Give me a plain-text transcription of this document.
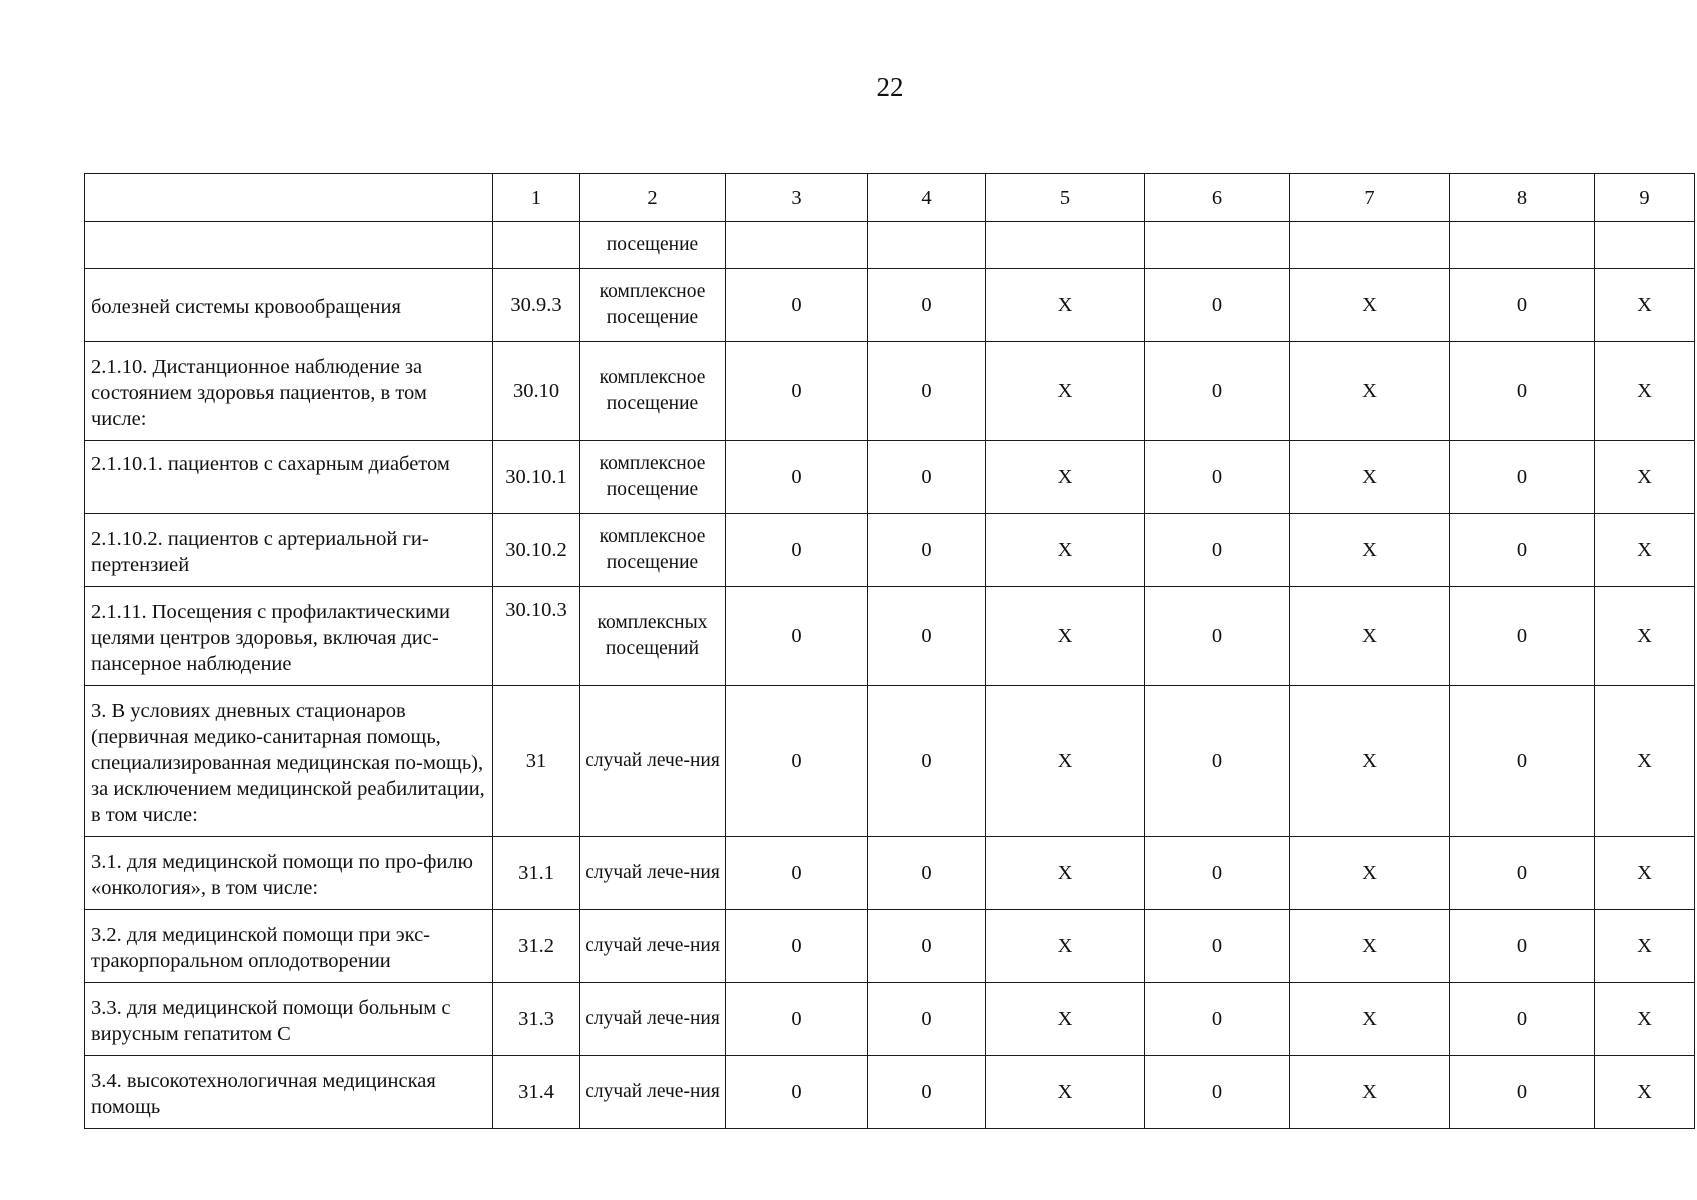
22
	1	2	3	4	5	6	7	8	9
		посещение							
болезней системы кровообращения	30.9.3	комплексное посещение	0	0	X	0	X	0	X
2.1.10. Дистанционное наблюдение за состоянием здоровья пациентов, в том числе:	30.10	комплексное посещение	0	0	X	0	X	0	X
2.1.10.1. пациентов с сахарным диабетом	30.10.1	комплексное посещение	0	0	X	0	X	0	X
2.1.10.2. пациентов с артериальной ги-пертензией	30.10.2	комплексное посещение	0	0	X	0	X	0	X
2.1.11. Посещения с профилактическими целями центров здоровья, включая дис-пансерное наблюдение	30.10.3	комплексных посещений	0	0	X	0	X	0	X
3. В условиях дневных стационаров (первичная медико-санитарная помощь, специализированная медицинская по-мощь), за исключением медицинской реабилитации, в том числе:	31	случай лече-ния	0	0	X	0	X	0	X
3.1. для медицинской помощи по про-филю «онкология», в том числе:	31.1	случай лече-ния	0	0	X	0	X	0	X
3.2. для медицинской помощи при экс-тракорпоральном оплодотворении	31.2	случай лече-ния	0	0	X	0	X	0	X
3.3. для медицинской помощи больным с вирусным гепатитом С	31.3	случай лече-ния	0	0	X	0	X	0	X
3.4. высокотехнологичная медицинская помощь	31.4	случай лече-ния	0	0	X	0	X	0	X
